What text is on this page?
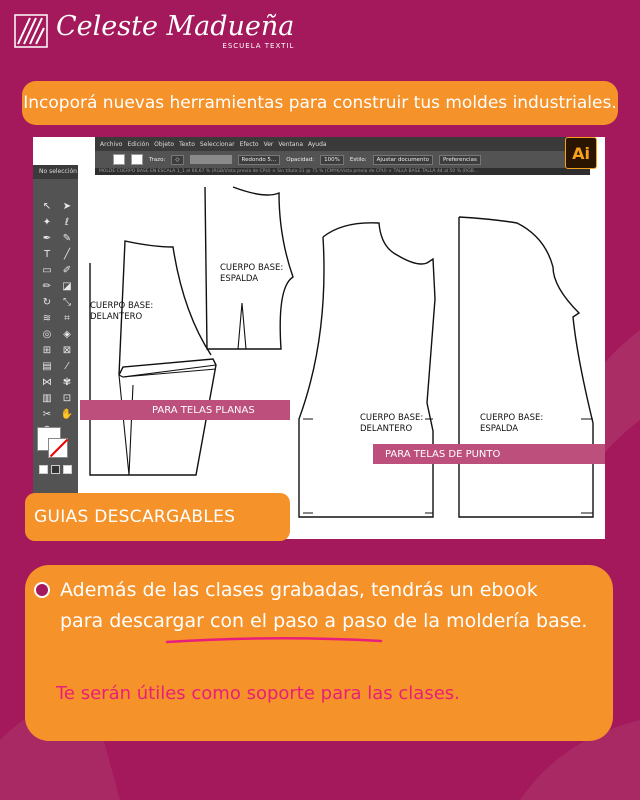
Celeste Madueña
ESCUELA TEXTIL
Incoporá nuevas herramientas para construir tus moldes industriales.
Archivo Edición Objeto Texto Seleccionar Efecto Ver Ventana Ayuda
Trazo:	◇	Redondo 5...	Opacidad:	100%	Estilo:	Ajustar documento	Preferencias
MOLDE CUERPO BASE EN ESCALA 1_1 al 66,67 % (RGB/Vista previa de CPU) × Sin título-31 @ 75 % (CMYK/Vista previa de CPU) × TALLA BASE TALLA 44 al 50 % (RGB...
CUERPO BASE:
DELANTERO
CUERPO BASE:
ESPALDA
CUERPO BASE:
DELANTERO
CUERPO BASE:
ESPALDA
PARA TELAS PLANAS
PARA TELAS DE PUNTO
Ai
No selección
↖ ➤
✦	ℓ
✒ ✎
T	╱
▭ ✐
✏ ◪
↻	⤡
≋	⌗
◎	◈
⊞ ⊠
▤	⁄
⋈ ✾
▥ ⊡
✂ ✋
GUIAS DESCARGABLES
Además de las clases grabadas, tendrás un ebook
para descargar con el paso a paso de la moldería base.
Te serán útiles como soporte para las clases.
